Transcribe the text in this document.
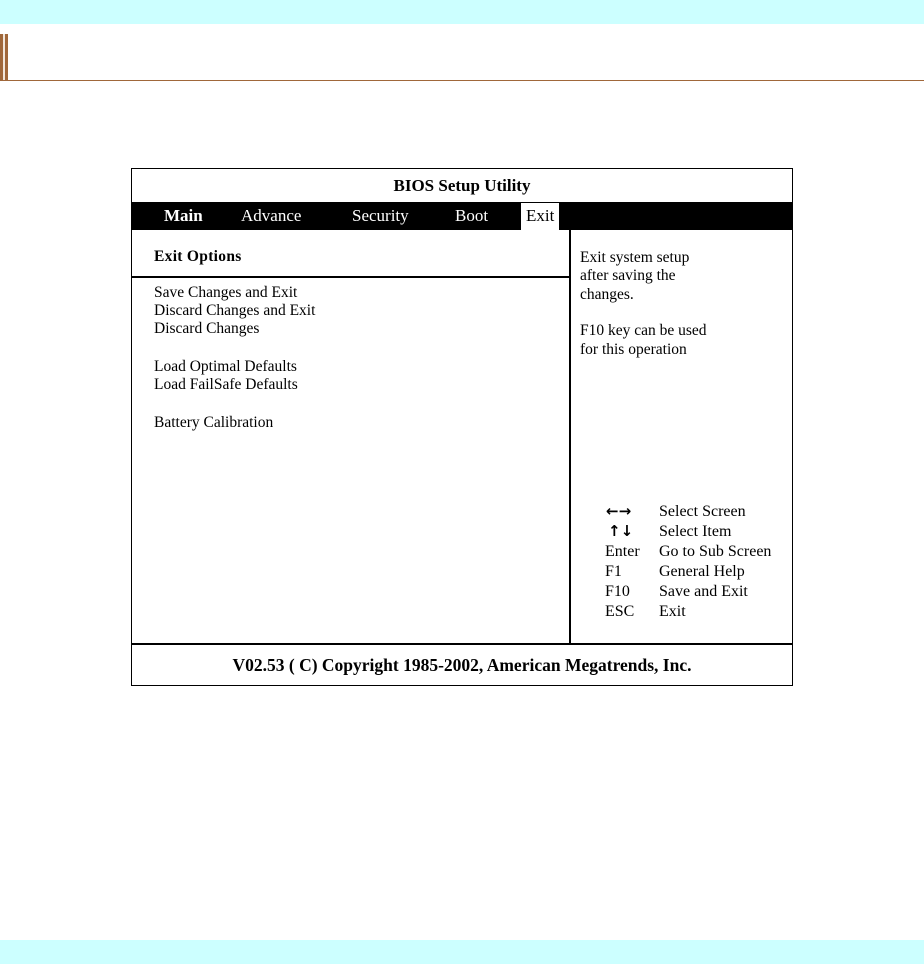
BIOS Setup Utility
Main Advance	Security	Boot Exit
Exit Options
Save Changes and Exit
Discard Changes and Exit
Discard Changes
Load Optimal Defaults
Load FailSafe Defaults
Battery Calibration
Exit system setup
after saving the
changes.
F10 key can be used
for this operation
←→ Select Screen
↑↓ Select Item
Enter Go to Sub Screen
F1 General Help
F10 Save and Exit
ESC Exit
V02.53 ( C) Copyright 1985-2002, American Megatrends, Inc.
